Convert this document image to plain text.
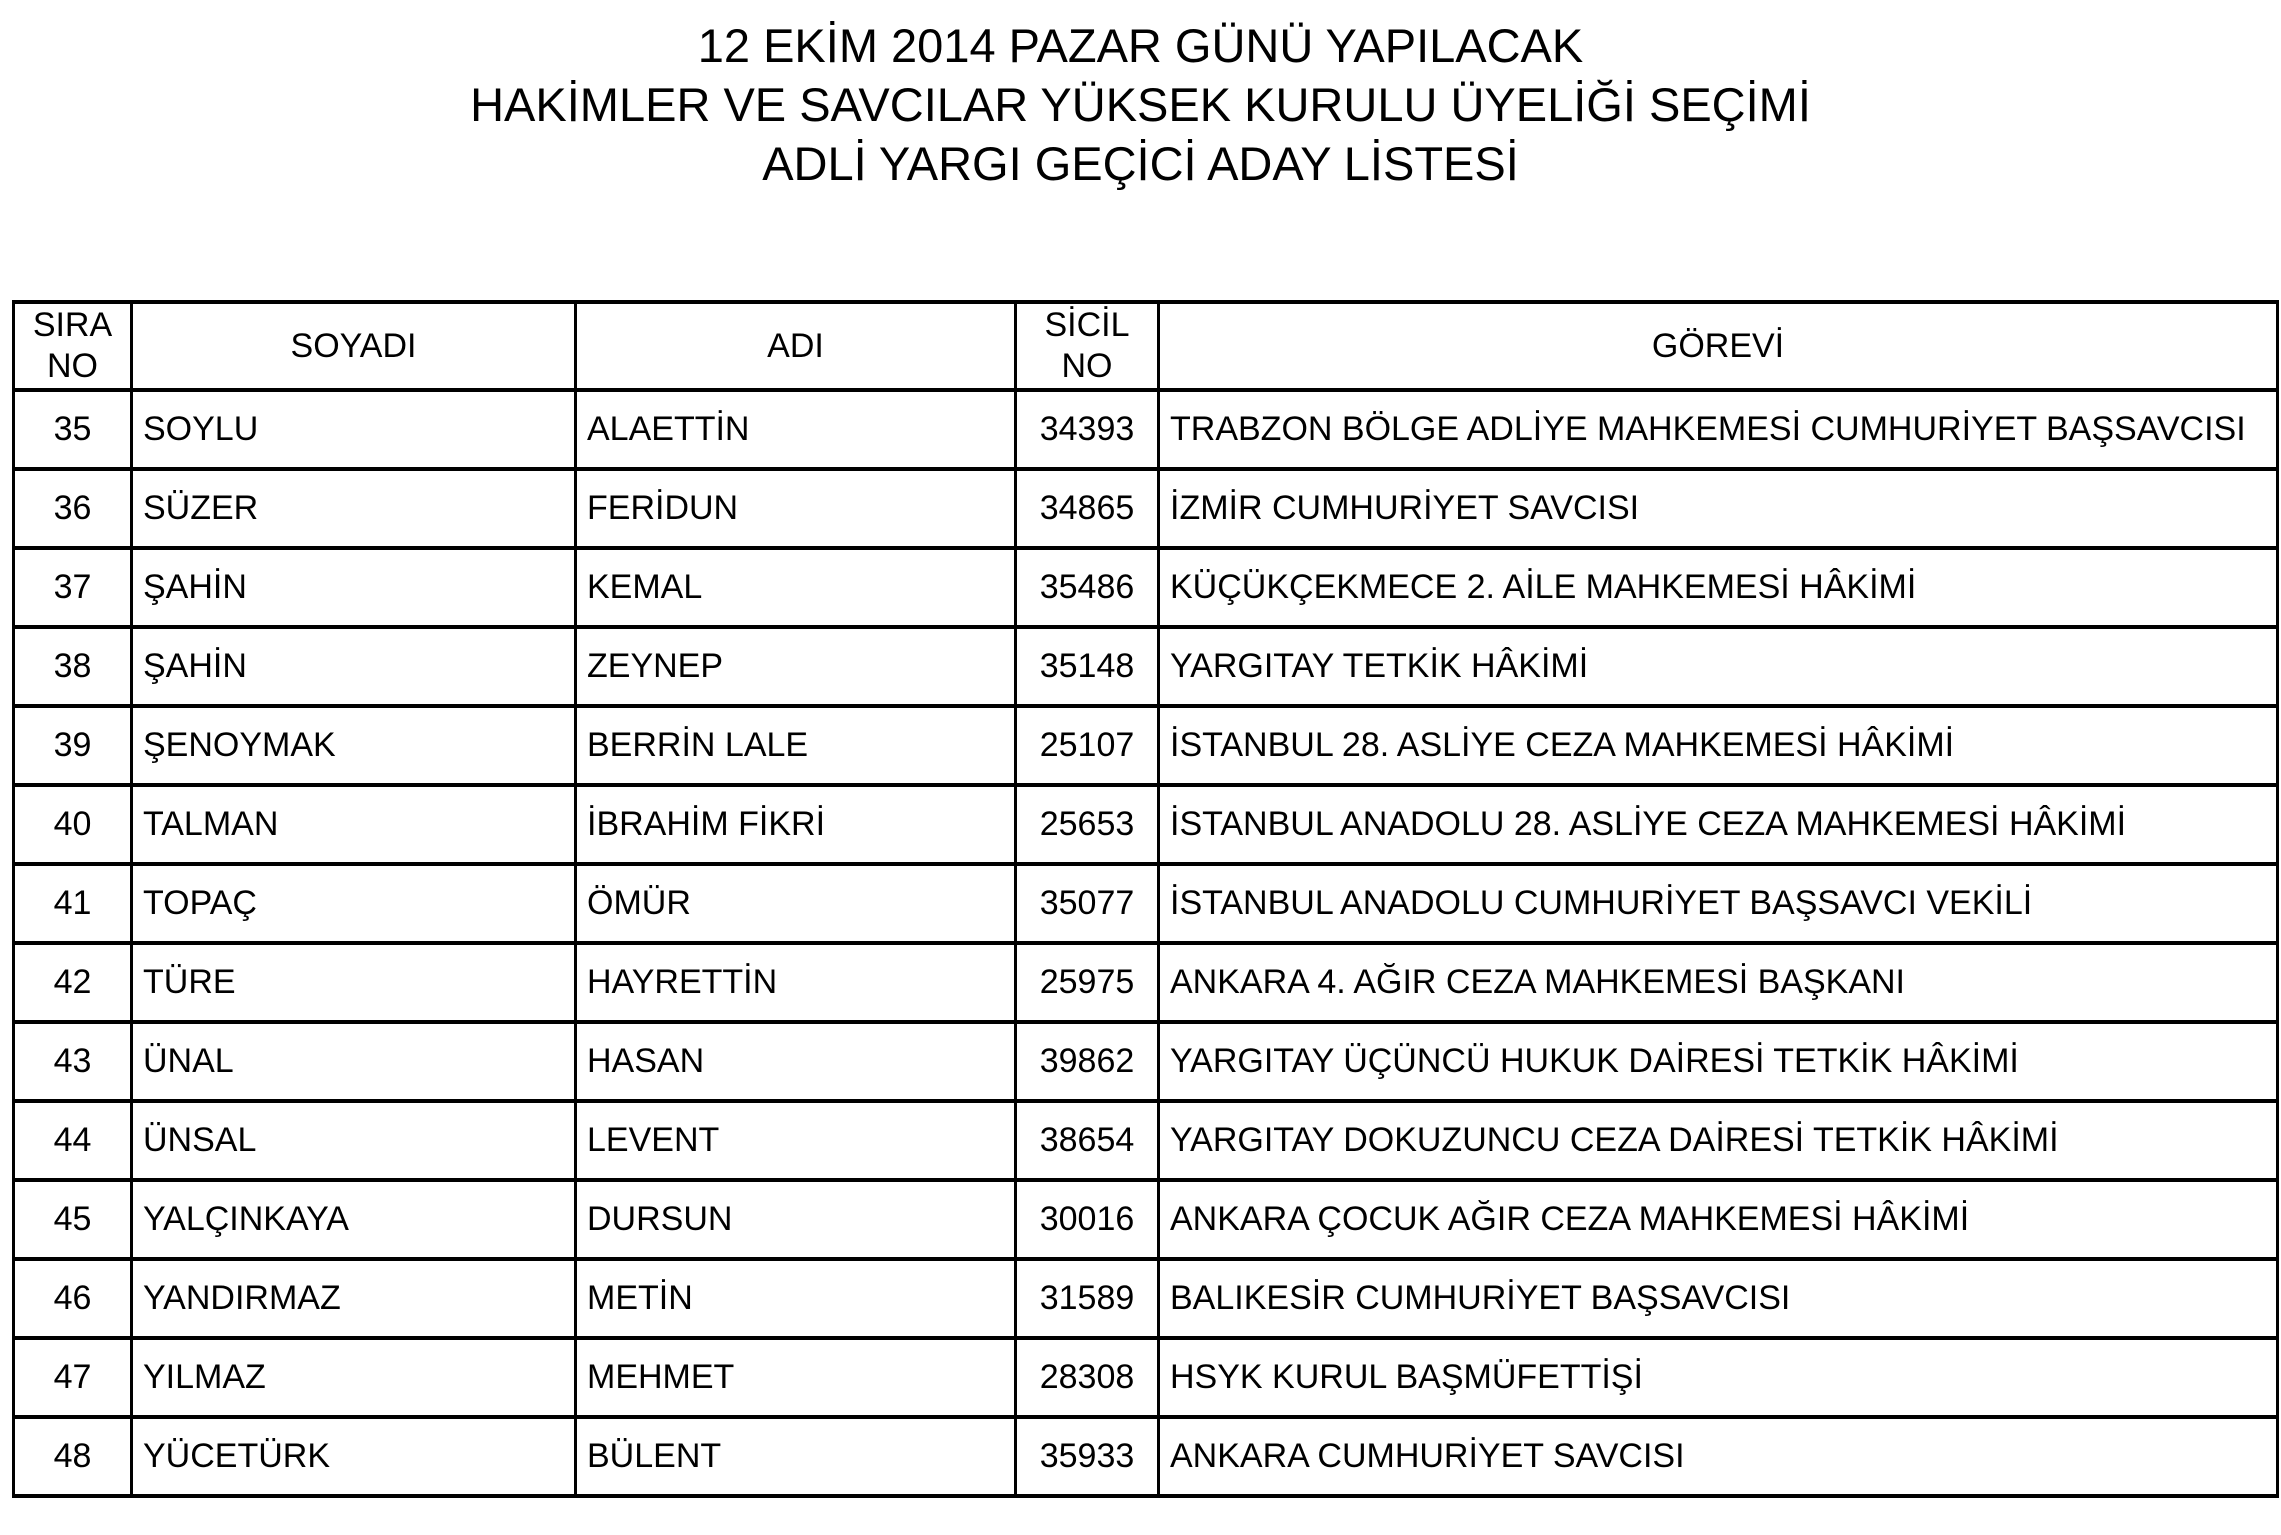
12 EKİM 2014 PAZAR GÜNÜ YAPILACAK
HAKİMLER VE SAVCILAR YÜKSEK KURULU ÜYELİĞİ SEÇİMİ
ADLİ YARGI GEÇİCİ ADAY LİSTESİ
SIRA NO	SOYADI	ADI	SİCİL NO	GÖREVİ
35	SOYLU	ALAETTİN	34393	TRABZON BÖLGE ADLİYE MAHKEMESİ CUMHURİYET BAŞSAVCISI
36	SÜZER	FERİDUN	34865	İZMİR CUMHURİYET SAVCISI
37	ŞAHİN	KEMAL	35486	KÜÇÜKÇEKMECE 2. AİLE MAHKEMESİ HÂKİMİ
38	ŞAHİN	ZEYNEP	35148	YARGITAY TETKİK HÂKİMİ
39	ŞENOYMAK	BERRİN LALE	25107	İSTANBUL 28. ASLİYE CEZA MAHKEMESİ HÂKİMİ
40	TALMAN	İBRAHİM FİKRİ	25653	İSTANBUL ANADOLU 28. ASLİYE CEZA MAHKEMESİ HÂKİMİ
41	TOPAÇ	ÖMÜR	35077	İSTANBUL ANADOLU CUMHURİYET BAŞSAVCI VEKİLİ
42	TÜRE	HAYRETTİN	25975	ANKARA 4. AĞIR CEZA MAHKEMESİ BAŞKANI
43	ÜNAL	HASAN	39862	YARGITAY ÜÇÜNCÜ HUKUK DAİRESİ TETKİK HÂKİMİ
44	ÜNSAL	LEVENT	38654	YARGITAY DOKUZUNCU CEZA DAİRESİ TETKİK HÂKİMİ
45	YALÇINKAYA	DURSUN	30016	ANKARA ÇOCUK AĞIR CEZA MAHKEMESİ HÂKİMİ
46	YANDIRMAZ	METİN	31589	BALIKESİR CUMHURİYET BAŞSAVCISI
47	YILMAZ	MEHMET	28308	HSYK KURUL BAŞMÜFETTİŞİ
48	YÜCETÜRK	BÜLENT	35933	ANKARA CUMHURİYET SAVCISI
